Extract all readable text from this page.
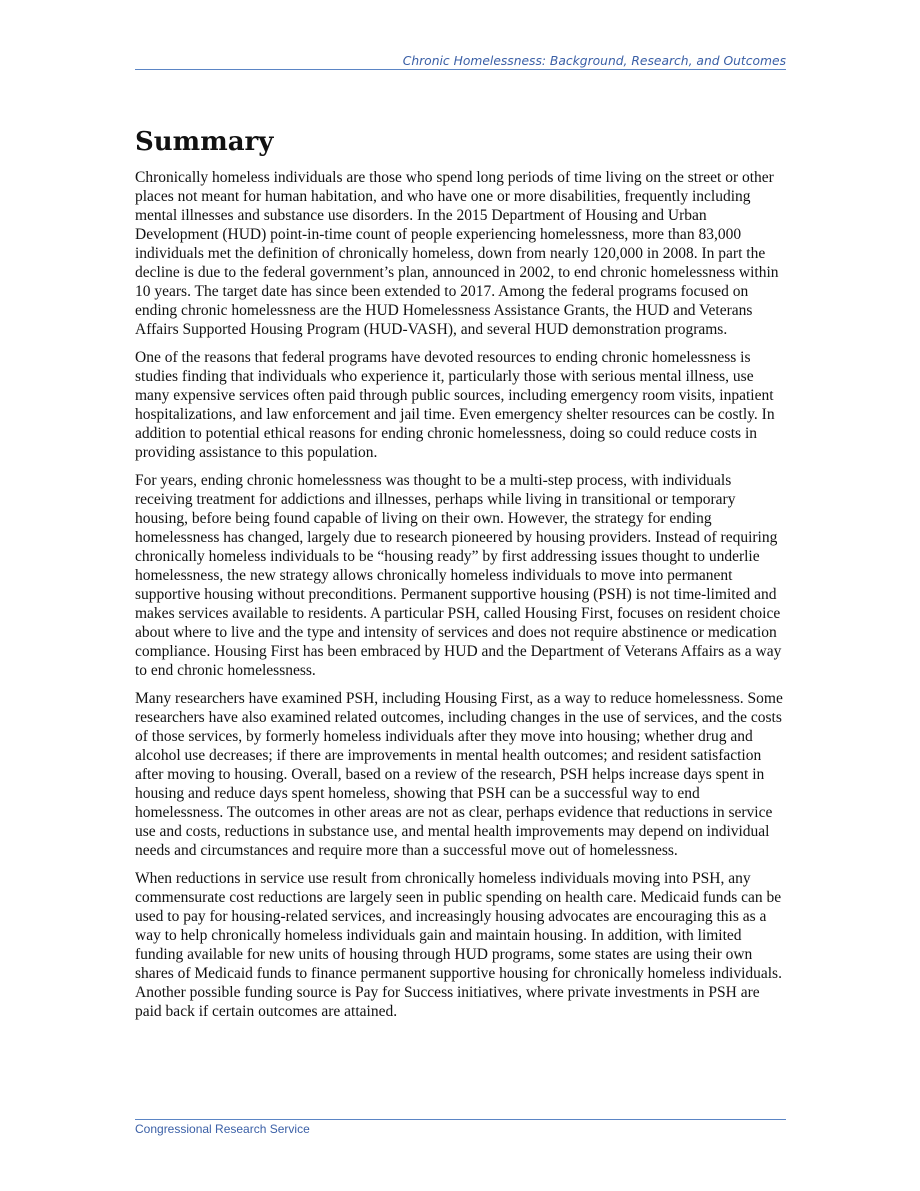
Chronic Homelessness: Background, Research, and Outcomes
Summary

Chronically homeless individuals are those who spend long periods of time living on the street or other places not meant for human habitation, and who have one or more disabilities, frequently including mental illnesses and substance use disorders. In the 2015 Department of Housing and Urban Development (HUD) point-in-time count of people experiencing homelessness, more than 83,000 individuals met the definition of chronically homeless, down from nearly 120,000 in 2008. In part the decline is due to the federal government’s plan, announced in 2002, to end chronic homelessness within 10 years. The target date has since been extended to 2017. Among the federal programs focused on ending chronic homelessness are the HUD Homelessness Assistance Grants, the HUD and Veterans Affairs Supported Housing Program (HUD-VASH), and several HUD demonstration programs.

One of the reasons that federal programs have devoted resources to ending chronic homelessness is studies finding that individuals who experience it, particularly those with serious mental illness, use many expensive services often paid through public sources, including emergency room visits, inpatient hospitalizations, and law enforcement and jail time. Even emergency shelter resources can be costly. In addition to potential ethical reasons for ending chronic homelessness, doing so could reduce costs in providing assistance to this population.

For years, ending chronic homelessness was thought to be a multi-step process, with individuals receiving treatment for addictions and illnesses, perhaps while living in transitional or temporary housing, before being found capable of living on their own. However, the strategy for ending homelessness has changed, largely due to research pioneered by housing providers. Instead of requiring chronically homeless individuals to be “housing ready” by first addressing issues thought to underlie homelessness, the new strategy allows chronically homeless individuals to move into permanent supportive housing without preconditions. Permanent supportive housing (PSH) is not time-limited and makes services available to residents. A particular PSH, called Housing First, focuses on resident choice about where to live and the type and intensity of services and does not require abstinence or medication compliance. Housing First has been embraced by HUD and the Department of Veterans Affairs as a way to end chronic homelessness.

Many researchers have examined PSH, including Housing First, as a way to reduce homelessness. Some researchers have also examined related outcomes, including changes in the use of services, and the costs of those services, by formerly homeless individuals after they move into housing; whether drug and alcohol use decreases; if there are improvements in mental health outcomes; and resident satisfaction after moving to housing. Overall, based on a review of the research, PSH helps increase days spent in housing and reduce days spent homeless, showing that PSH can be a successful way to end homelessness. The outcomes in other areas are not as clear, perhaps evidence that reductions in service use and costs, reductions in substance use, and mental health improvements may depend on individual needs and circumstances and require more than a successful move out of homelessness.

When reductions in service use result from chronically homeless individuals moving into PSH, any commensurate cost reductions are largely seen in public spending on health care. Medicaid funds can be used to pay for housing-related services, and increasingly housing advocates are encouraging this as a way to help chronically homeless individuals gain and maintain housing. In addition, with limited funding available for new units of housing through HUD programs, some states are using their own shares of Medicaid funds to finance permanent supportive housing for chronically homeless individuals. Another possible funding source is Pay for Success initiatives, where private investments in PSH are paid back if certain outcomes are attained.

Congressional Research Service
